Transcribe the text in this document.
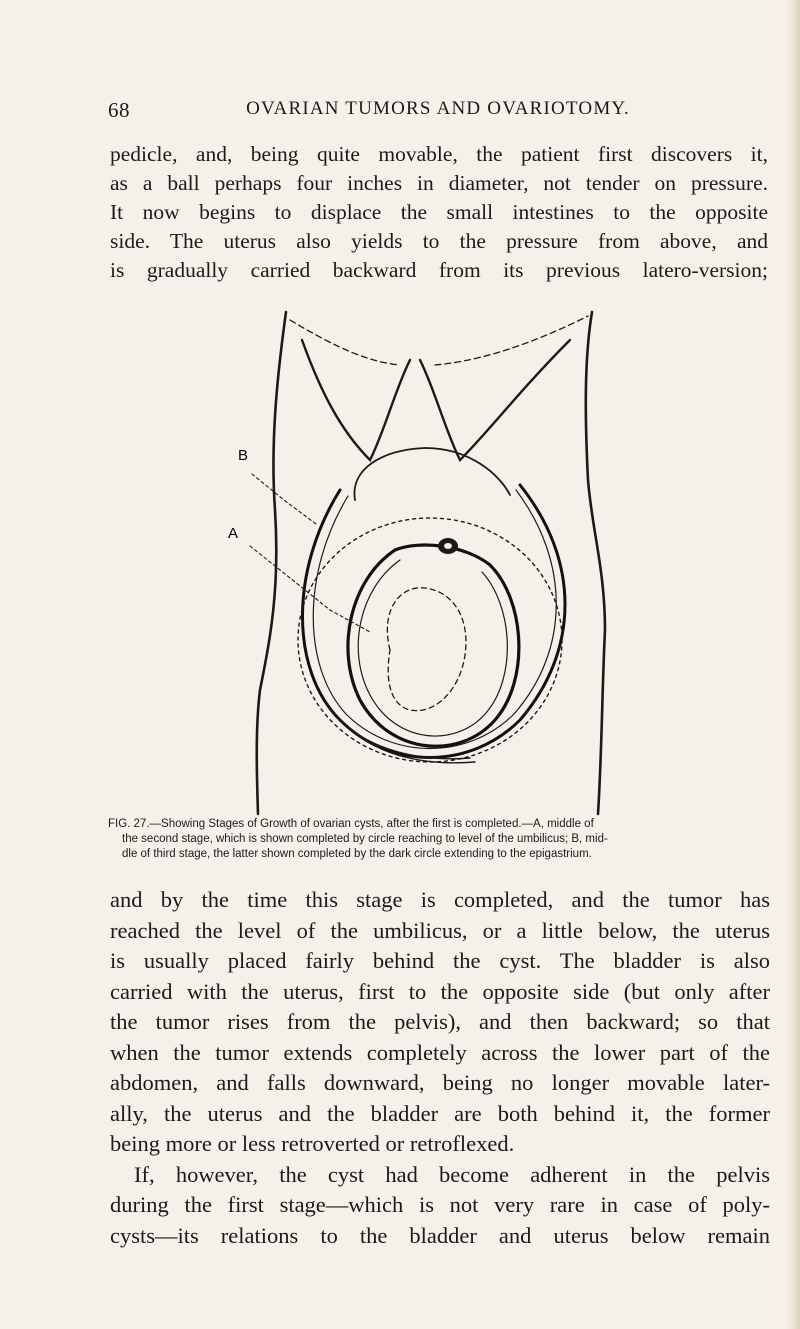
68	OVARIAN TUMORS AND OVARIOTOMY.
pedicle, and, being quite movable, the patient first discovers it,
as a ball perhaps four inches in diameter, not tender on pressure.
It now begins to displace the small intestines to the opposite
side. The uterus also yields to the pressure from above, and
is gradually carried backward from its previous latero-version;
B
A
FIG. 27.—Showing Stages of Growth of ovarian cysts, after the first is completed.—A, middle of
the second stage, which is shown completed by circle reaching to level of the umbilicus; B, mid-
dle of third stage, the latter shown completed by the dark circle extending to the epigastrium.
and by the time this stage is completed, and the tumor has
reached the level of the umbilicus, or a little below, the uterus
is usually placed fairly behind the cyst. The bladder is also
carried with the uterus, first to the opposite side (but only after
the tumor rises from the pelvis), and then backward; so that
when the tumor extends completely across the lower part of the
abdomen, and falls downward, being no longer movable later-
ally, the uterus and the bladder are both behind it, the former
being more or less retroverted or retroflexed.
If, however, the cyst had become adherent in the pelvis
during the first stage—which is not very rare in case of poly-
cysts—its relations to the bladder and uterus below remain
